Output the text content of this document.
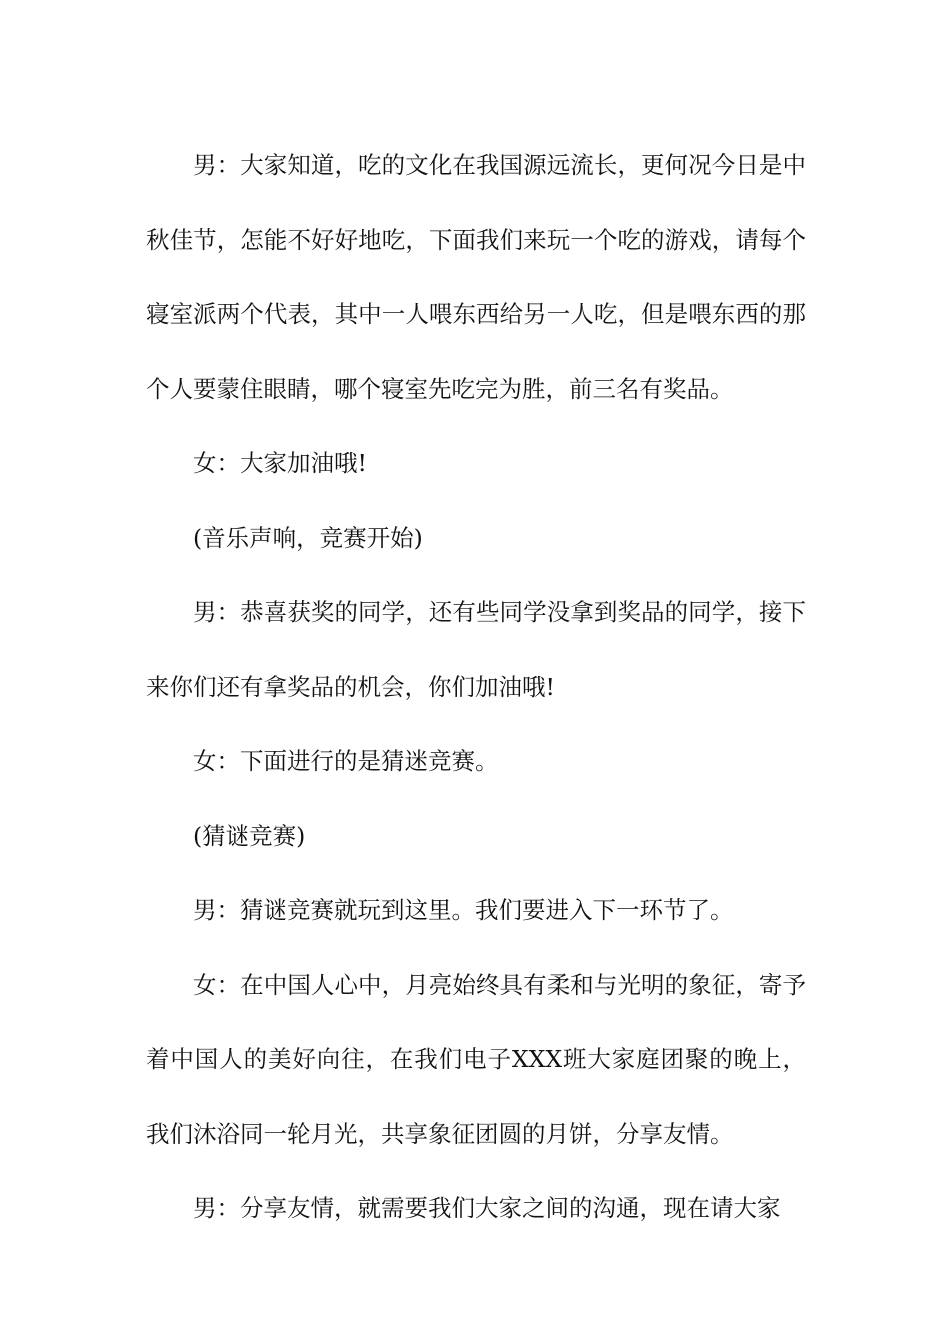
男：大家知道，吃的文化在我国源远流长，更何况今日是中秋佳节，怎能不好好地吃，下面我们来玩一个吃的游戏，请每个寝室派两个代表，其中一人喂东西给另一人吃，但是喂东西的那个人要蒙住眼睛，哪个寝室先吃完为胜，前三名有奖品。

女：大家加油哦!

(音乐声响，竞赛开始)

男：恭喜获奖的同学，还有些同学没拿到奖品的同学，接下来你们还有拿奖品的机会，你们加油哦!

女：下面进行的是猜迷竞赛。

(猜谜竞赛)

男：猜谜竞赛就玩到这里。我们要进入下一环节了。

女：在中国人心中，月亮始终具有柔和与光明的象征，寄予着中国人的美好向往，在我们电子XXX班大家庭团聚的晚上，我们沐浴同一轮月光，共享象征团圆的月饼，分享友情。

男：分享友情，就需要我们大家之间的沟通，现在请大家
